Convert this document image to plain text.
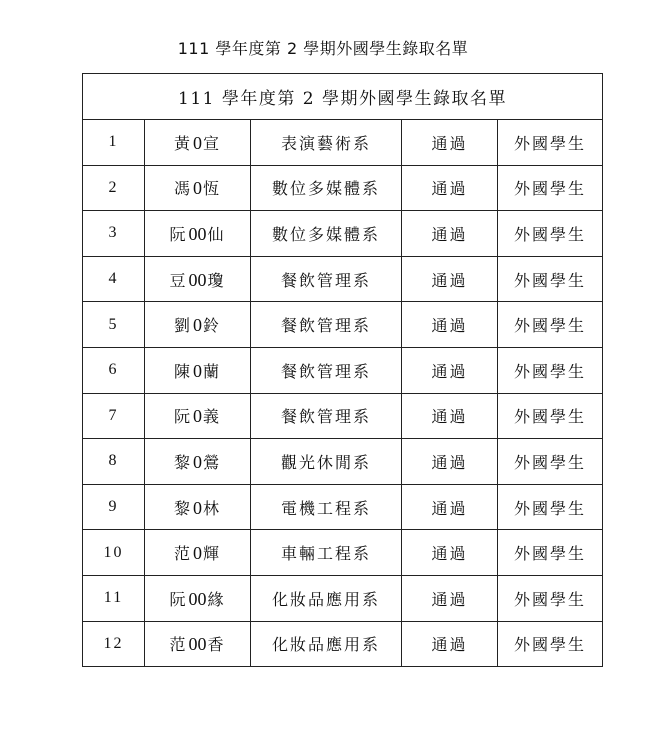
111 學年度第 2 學期外國學生錄取名單
111 學年度第 2 學期外國學生錄取名單				
1	黃0宣	表演藝術系	通過	外國學生
2	馮0恆	數位多媒體系	通過	外國學生
3	阮00仙	數位多媒體系	通過	外國學生
4	豆00瓊	餐飲管理系	通過	外國學生
5	劉0鈴	餐飲管理系	通過	外國學生
6	陳0蘭	餐飲管理系	通過	外國學生
7	阮0義	餐飲管理系	通過	外國學生
8	黎0鶯	觀光休閒系	通過	外國學生
9	黎0林	電機工程系	通過	外國學生
10	范0輝	車輛工程系	通過	外國學生
11	阮00緣	化妝品應用系	通過	外國學生
12	范00香	化妝品應用系	通過	外國學生
